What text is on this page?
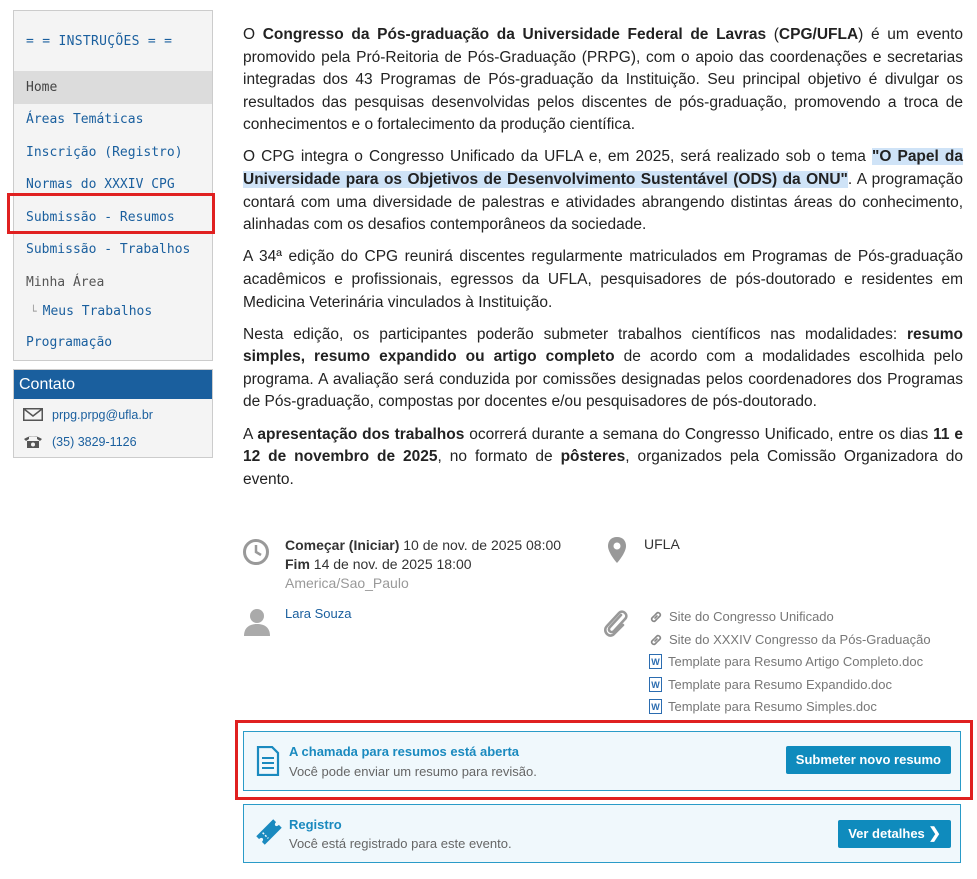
= = INSTRUÇÕES = =
Home
Áreas Temáticas
Inscrição (Registro)
Normas do XXXIV CPG
Submissão - Resumos
Submissão - Trabalhos
Minha Área
└ Meus Trabalhos
Programação
Contato
prpg.prpg@ufla.br
(35) 3829-1126

O Congresso da Pós-graduação da Universidade Federal de Lavras (CPG/UFLA) é um evento promovido pela Pró-Reitoria de Pós-Graduação (PRPG), com o apoio das coordenações e secretarias integradas dos 43 Programas de Pós-graduação da Instituição. Seu principal objetivo é divulgar os resultados das pesquisas desenvolvidas pelos discentes de pós-graduação, promovendo a troca de conhecimentos e o fortalecimento da produção científica.

O CPG integra o Congresso Unificado da UFLA e, em 2025, será realizado sob o tema "O Papel da Universidade para os Objetivos de Desenvolvimento Sustentável (ODS) da ONU". A programação contará com uma diversidade de palestras e atividades abrangendo distintas áreas do conhecimento, alinhadas com os desafios contemporâneos da sociedade.

A 34ª edição do CPG reunirá discentes regularmente matriculados em Programas de Pós-graduação acadêmicos e profissionais, egressos da UFLA, pesquisadores de pós-doutorado e residentes em Medicina Veterinária vinculados à Instituição.

Nesta edição, os participantes poderão submeter trabalhos científicos nas modalidades: resumo simples, resumo expandido ou artigo completo de acordo com a modalidades escolhida pelo programa. A avaliação será conduzida por comissões designadas pelos coordenadores dos Programas de Pós-graduação, compostas por docentes e/ou pesquisadores de pós-doutorado.

A apresentação dos trabalhos ocorrerá durante a semana do Congresso Unificado, entre os dias 11 e 12 de novembro de 2025, no formato de pôsteres, organizados pela Comissão Organizadora do evento.

Começar (Iniciar) 10 de nov. de 2025 08:00
Fim 14 de nov. de 2025 18:00
America/Sao_Paulo
UFLA
Lara Souza	Site do Congresso Unificado
Site do XXXIV Congresso da Pós-Graduação
W Template para Resumo Artigo Completo.doc
W Template para Resumo Expandido.doc
W Template para Resumo Simples.doc
A chamada para resumos está aberta
Você pode enviar um resumo para revisão.
Submeter novo resumo
Registro
Você está registrado para este evento.
Ver detalhes ❯
